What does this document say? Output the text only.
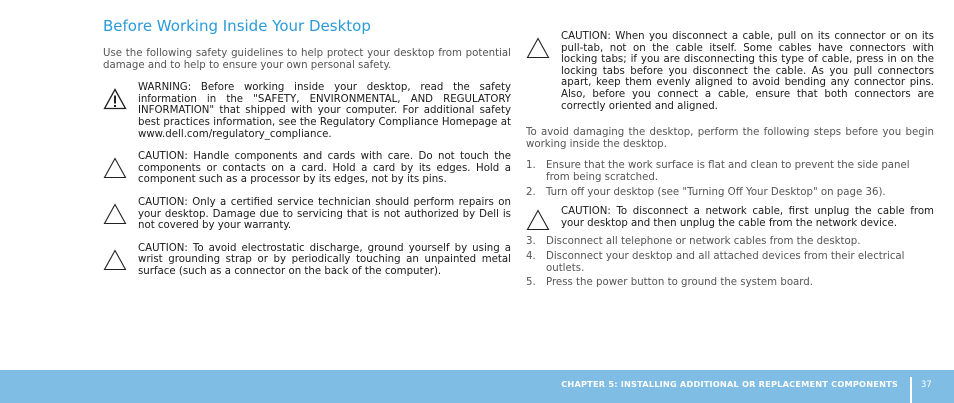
Before Working Inside Your Desktop

Use the following safety guidelines to help protect your desktop from potential damage and to help to ensure your own personal safety.

WARNING: Before working inside your desktop, read the safety information in the "SAFETY, ENVIRONMENTAL, AND REGULATORY INFORMATION" that shipped with your computer. For additional safety best practices information, see the Regulatory Compliance Homepage at www.dell.com/regulatory_compliance.

CAUTION: Handle components and cards with care. Do not touch the components or contacts on a card. Hold a card by its edges. Hold a component such as a processor by its edges, not by its pins.

CAUTION: Only a certified service technician should perform repairs on your desktop. Damage due to servicing that is not authorized by Dell is not covered by your warranty.

CAUTION: To avoid electrostatic discharge, ground yourself by using a wrist grounding strap or by periodically touching an unpainted metal surface (such as a connector on the back of the computer).

CAUTION: When you disconnect a cable, pull on its connector or on its pull-tab, not on the cable itself. Some cables have connectors with locking tabs; if you are disconnecting this type of cable, press in on the locking tabs before you disconnect the cable. As you pull connectors apart, keep them evenly aligned to avoid bending any connector pins. Also, before you connect a cable, ensure that both connectors are correctly oriented and aligned.

To avoid damaging the desktop, perform the following steps before you begin working inside the desktop.

1. Ensure that the work surface is flat and clean to prevent the side panel from being scratched.
2. Turn off your desktop (see "Turning Off Your Desktop" on page 36).

CAUTION: To disconnect a network cable, first unplug the cable from your desktop and then unplug the cable from the network device.

3. Disconnect all telephone or network cables from the desktop.
4. Disconnect your desktop and all attached devices from their electrical outlets.
5. Press the power button to ground the system board.
CHAPTER 5: INSTALLING ADDITIONAL OR REPLACEMENT COMPONENTS	37
